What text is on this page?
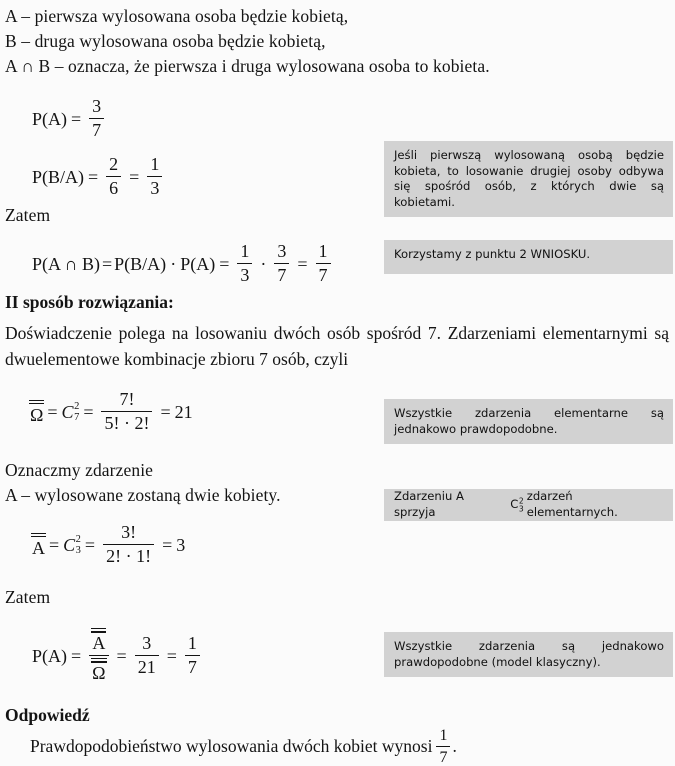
A – pierwsza wylosowana osoba będzie kobietą,
B – druga wylosowana osoba będzie kobietą,
A ∩ B – oznacza, że pierwsza i druga wylosowana osoba to kobieta.
$P(A) = \frac{3}{7}$
$P(B/A) = \frac{2}{6} = \frac{1}{3}$	Jeśli pierwszą wylosowaną osobą będzie kobieta, to losowanie drugiej osoby odbywa się spośród osób, z których dwie są kobietami.
Zatem
P(A ∩ $B) = P(B/A) \cdot P(A) = \frac{1}{3} \cdot \frac{3}{7} = \frac{1}{7}$	Korzystamy z punktu 2 WNIOSKU.
II sposób rozwiązania:
Doświadczenie polega na losowaniu dwóch osób spośród 7. Zdarzeniami elementarnymi są dwuelementowe kombinacje zbioru 7 osób, czyli
Ω = C 2
$7 = \frac{7!}{5! \cdot 2!} = 21$	Wszystkie zdarzenia elementarne są jednakowo prawdopodobne.
Oznaczmy zdarzenie
A – wylosowane zostaną dwie kobiety.	Zdarzeniu A sprzyja
C 2
3
zdarzeń elementarnych.
A = C 2
$3 = \frac{3!}{2! \cdot 1!} = 3$
Zatem
$P(A) = \frac{A}{\Omega} = \frac{3}{21} = \frac{1}{7}$	Wszystkie zdarzenia są jednakowo prawdopodobne (model klasyczny).
Odpowiedź
Prawdopodobieństwo wylosowania dwóch kobiet wynosi $\frac{1}{7}$ .
